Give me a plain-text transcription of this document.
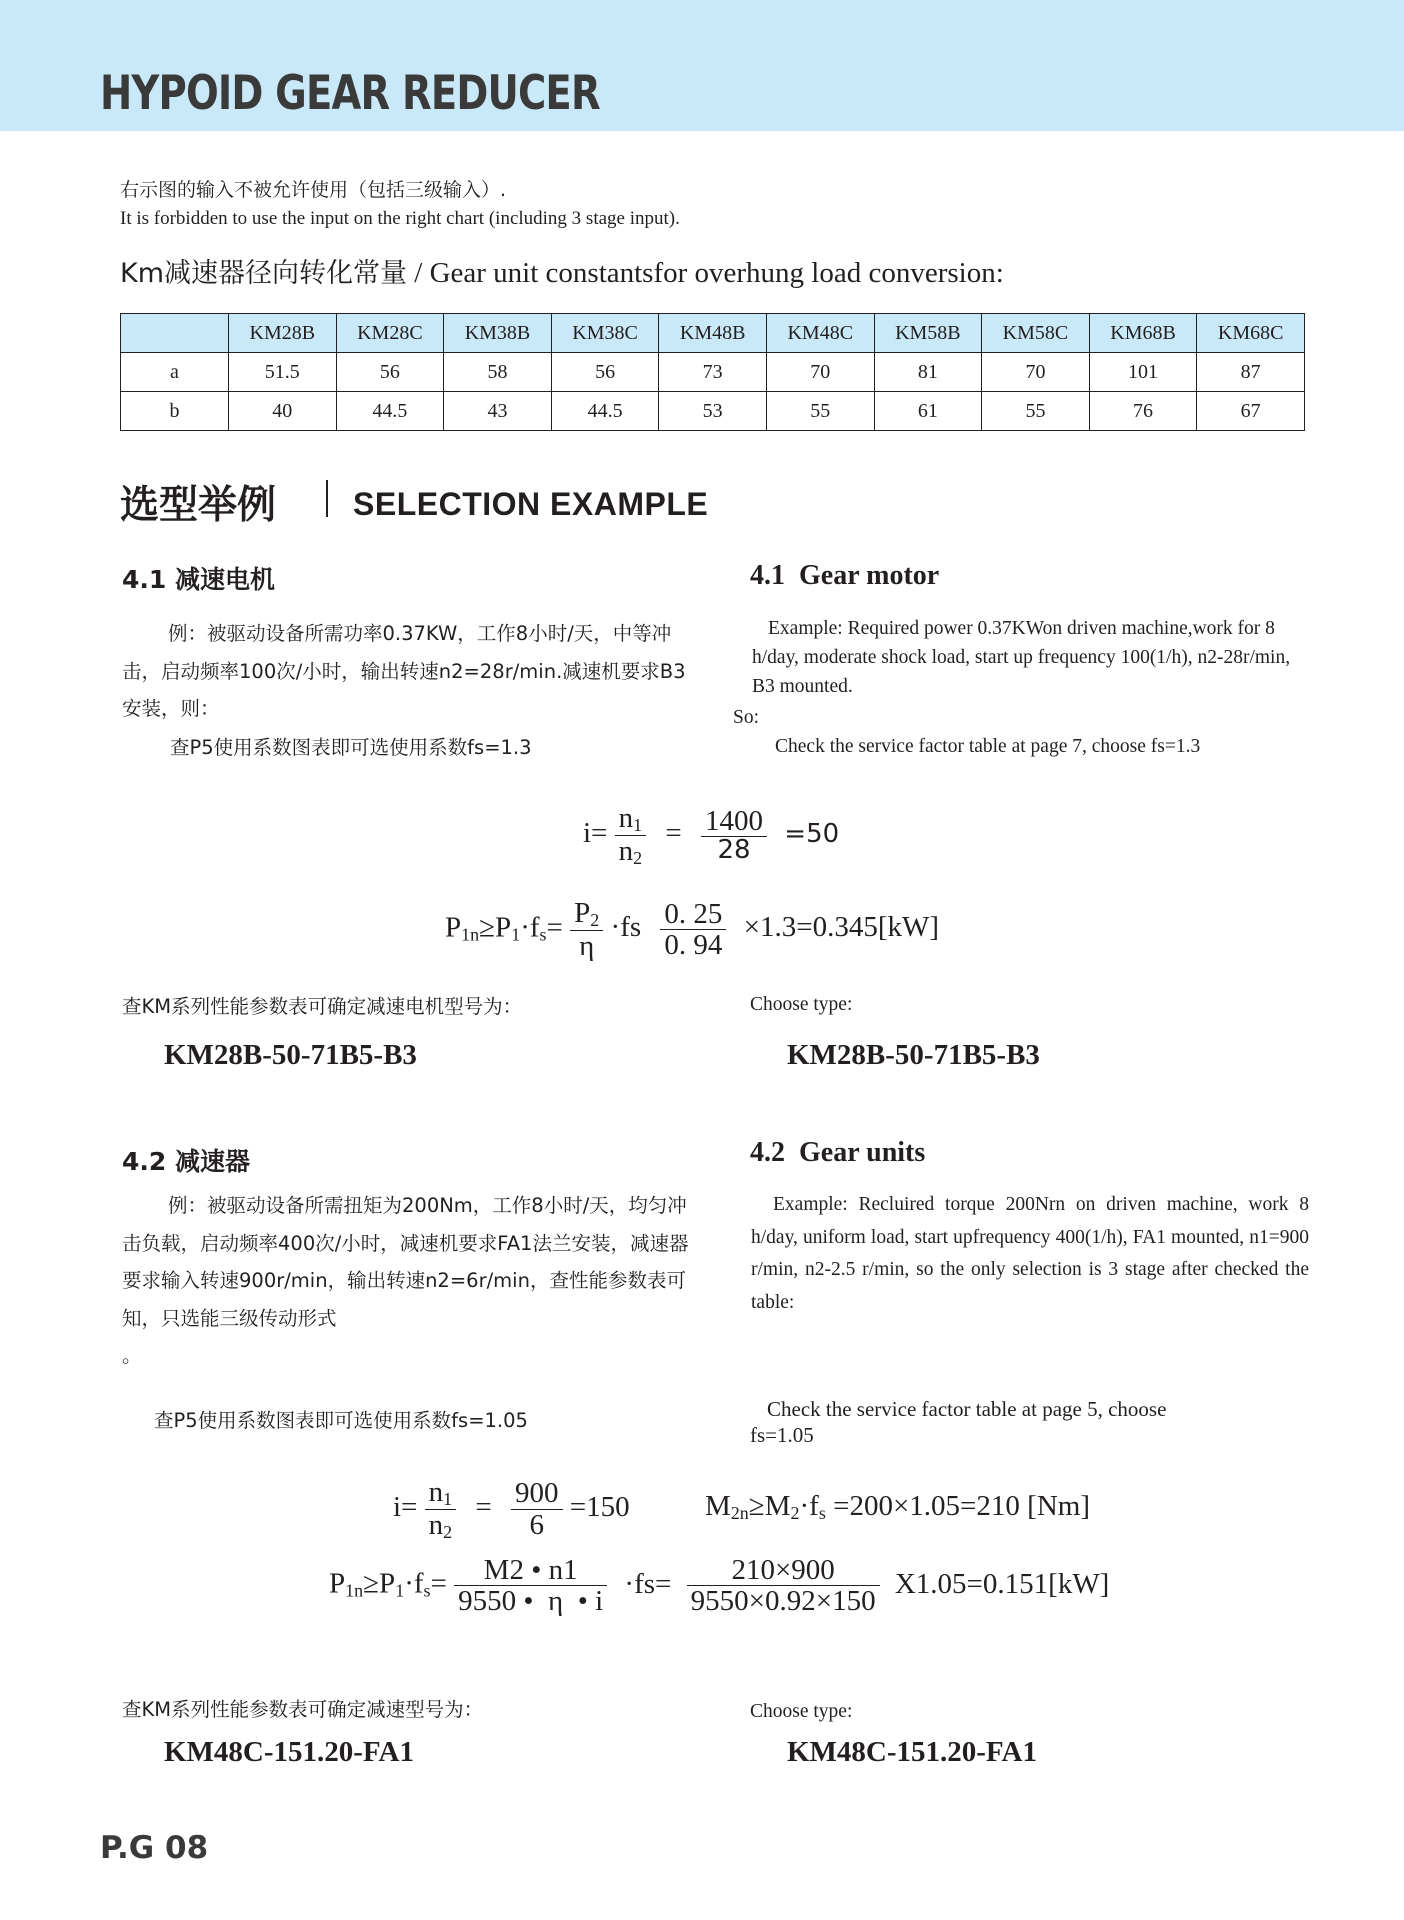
HYPOID GEAR REDUCER
右示图的输入不被允许使用（包括三级输入）.
It is forbidden to use the input on the right chart (including 3 stage input).
Km减速器径向转化常量 / Gear unit constantsfor overhung load conversion:
	KM28B	KM28C	KM38B	KM38C	KM48B	KM48C	KM58B	KM58C	KM68B	KM68C
a	51.5	56	58	56	73	70	81	70	101	87
b	40	44.5	43	44.5	53	55	61	55	76	67
选型举例 SELECTION EXAMPLE
4.1 减速电机	4.1  Gear motor
例：被驱动设备所需功率0.37KW，工作8小时/天，中等冲击，启动频率100次/小时，输出转速n2=28r/min.减速机要求B3安装，则：
查P5使用系数图表即可选使用系数fs=1.3
Example: Required power 0.37KWon driven machine,work for 8 h/day, moderate shock load, start up frequency 100(1/h), n2-28r/min, B3 mounted.
So:
Check the service factor table at page 7, choose fs=1.3
$i= \frac{n_1}{n_2} = \frac{1400}{28} =50$
$P_{1n}\ge P_1\cdot f_s= \frac{P_2}{\eta} \cdot fs \frac{0. 25}{0. 94} \times 1.3=0.345[kW]$
查KM系列性能参数表可确定减速电机型号为：	Choose type:
KM28B-50-71B5-B3	KM28B-50-71B5-B3
4.2 减速器	4.2  Gear units
例：被驱动设备所需扭矩为200Nm，工作8小时/天，均匀冲击负载，启动频率400次/小时，减速机要求FA1法兰安装，减速器要求输入转速900r/min，输出转速n2=6r/min，查性能参数表可知，只选能三级传动形式
。
查P5使用系数图表即可选使用系数fs=1.05
Example: Recluired torque 200Nrn on driven machine, work 8 h/day, uniform load, start upfrequency 400(1/h), FA1 mounted, n1=900 r/min, n2-2.5 r/min, so the only selection is 3 stage after checked the table:
Check the service factor table at page 5, choose
fs=1.05
$i= \frac{n_1}{n_2} = \frac{900}{6} =150$	$M_{2n}\ge M_2\cdot f_s =200\times 1.05=210$ [Nm]
$P_{1n}\ge P_1\cdot f_s= \frac{M2 • n1}{9550 • \eta • i} \cdot fs= \frac{210\times 900}{9550\times 0.92\times 150} X1.05=0.151[kW]$
查KM系列性能参数表可确定减速型号为：	Choose type:
KM48C-151.20-FA1	KM48C-151.20-FA1
P.G 08
